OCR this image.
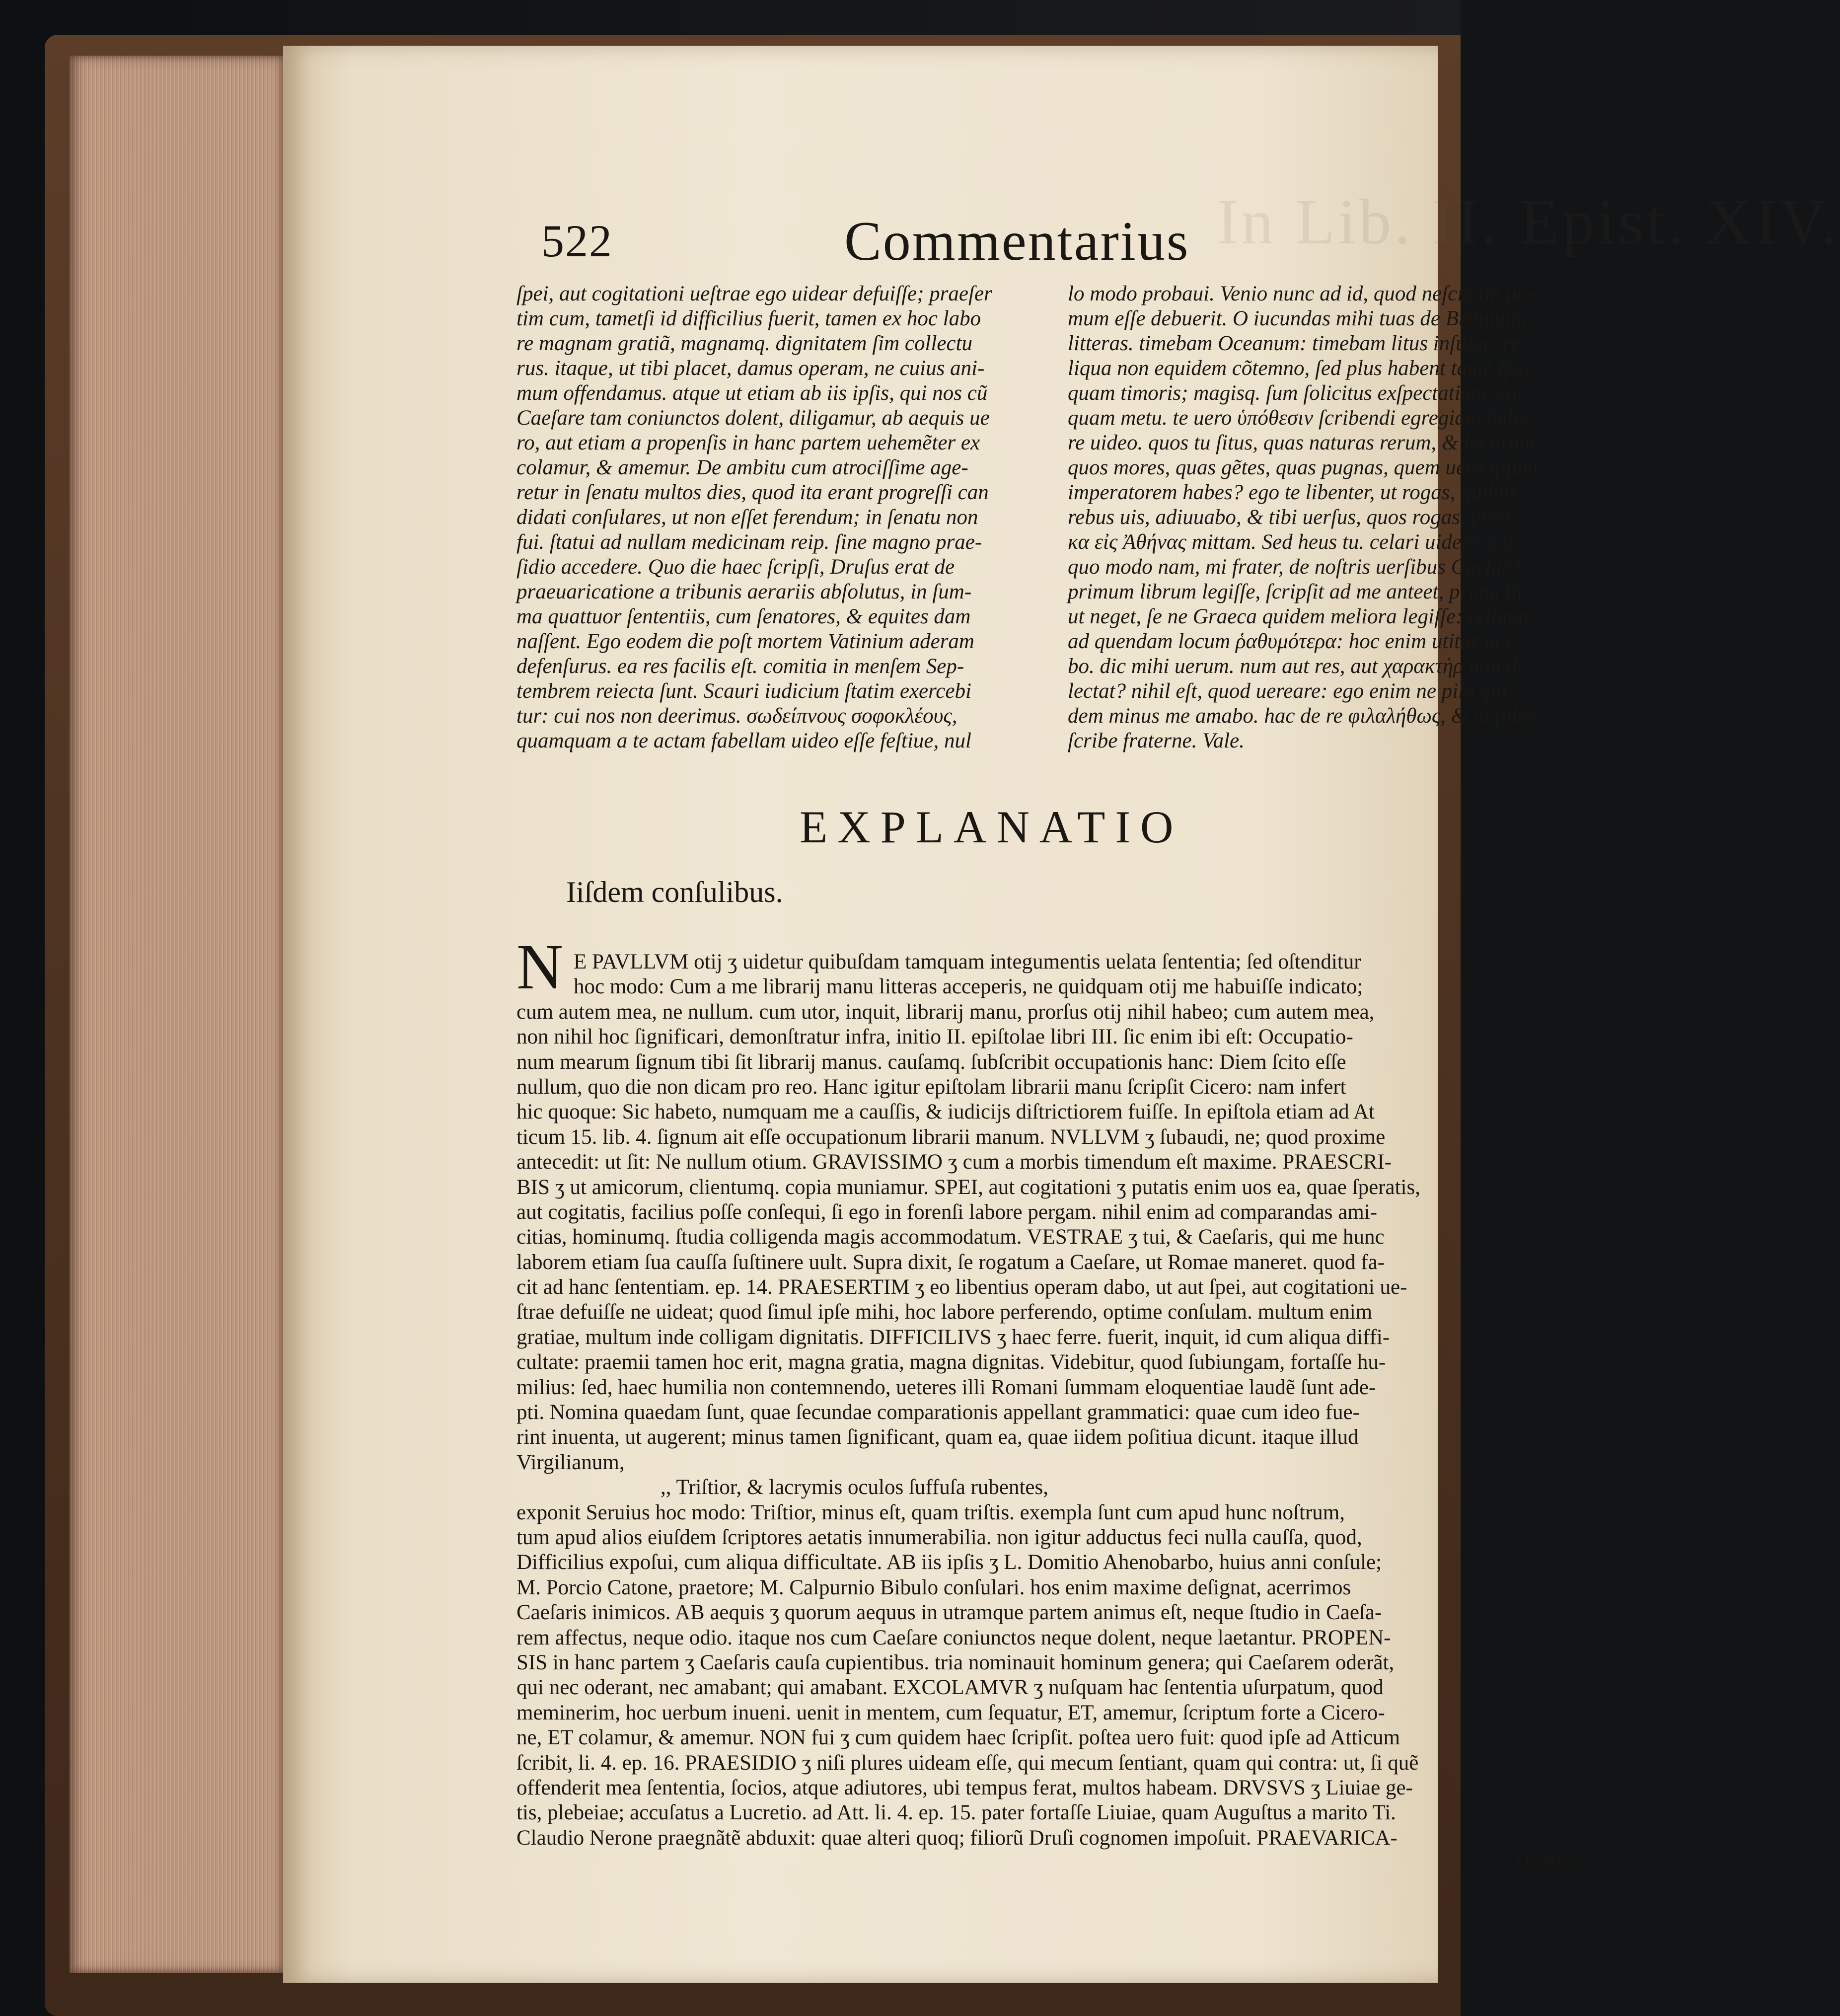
In Lib. II. Epist. XIV.
522	Commentarius
ſpei, aut cogitationi ueſtrae ego uidear defuiſſe; praeſer
tim cum, tametſi id difficilius fuerit, tamen ex hoc labo
re magnam gratiã, magnamq. dignitatem ſim collectu
rus. itaque, ut tibi placet, damus operam, ne cuius ani-
mum offendamus. atque ut etiam ab iis ipſis, qui nos cũ
Caeſare tam coniunctos dolent, diligamur, ab aequis ue
ro, aut etiam a propenſis in hanc partem uehemẽter ex
colamur, & amemur. De ambitu cum atrociſſime age-
retur in ſenatu multos dies, quod ita erant progreſſi can
didati conſulares, ut non eſſet ferendum; in ſenatu non
fui. ſtatui ad nullam medicinam reip. ſine magno prae-
ſidio accedere. Quo die haec ſcripſi, Druſus erat de
praeuaricatione a tribunis aerariis abſolutus, in ſum-
ma quattuor ſententiis, cum ſenatores, & equites dam
naſſent. Ego eodem die poſt mortem Vatinium aderam
defenſurus. ea res facilis eſt. comitia in menſem Sep-
tembrem reiecta ſunt. Scauri iudicium ſtatim exercebi
tur: cui nos non deerimus. σωδείπνους σοφοκλέους,
quamquam a te actam fabellam uideo eſſe feſtiue, nul
lo modo probaui. Venio nunc ad id, quod neſcio an pri-
mum eſſe debuerit. O iucundas mihi tuas de Britannia
litteras. timebam Oceanum: timebam litus inſulae. re
liqua non equidem cõtemno, ſed plus habent tamẽ ſpei,
quam timoris; magisq. ſum ſolicitus exſpectatione ea,
quam metu. te uero ὑπόθεσιν ſcribendi egregiam habe
re uideo. quos tu ſitus, quas naturas rerum, & locorum,
quos mores, quas gẽtes, quas pugnas, quem uero ipſum
imperatorem habes? ego te libenter, ut rogas, quibus
rebus uis, adiuuabo, & tibi uerſus, quos rogas, γλαῦ-
κα εἰς Ἀθήνας mittam. Sed heus tu. celari uideor a te.
quo modo nam, mi frater, de noſtris uerſibus Caeſar?
primum librum legiſſe, ſcripſit ad me anteet, prima ſic,
ut neget, ſe ne Graeca quidem meliora legiſſe: reliqua
ad quendam locum ῥαθυμότερα: hoc enim utitur uer-
bo. dic mihi uerum. num aut res, aut χαρακτὴρ non de
lectat? nihil eſt, quod uereare: ego enim ne pilo qui-
dem minus me amabo. hac de re φιλαλήθως, & ut ſoles,
ſcribe fraterne. Vale.
EXPLANATIO
Iiſdem conſulibus.
N E PAVLLVM otij ʒ uidetur quibuſdam tamquam integumentis uelata ſententia; ſed oſtenditur
hoc modo: Cum a me librarij manu litteras acceperis, ne quidquam otij me habuiſſe indicato;
cum autem mea, ne nullum. cum utor, inquit, librarij manu, prorſus otij nihil habeo; cum autem mea,
non nihil hoc ſignificari, demonſtratur infra, initio II. epiſtolae libri III. ſic enim ibi eſt: Occupatio-
num mearum ſignum tibi ſit librarij manus. cauſamq. ſubſcribit occupationis hanc: Diem ſcito eſſe
nullum, quo die non dicam pro reo. Hanc igitur epiſtolam librarii manu ſcripſit Cicero: nam infert
hic quoque: Sic habeto, numquam me a cauſſis, & iudicijs diſtrictiorem fuiſſe. In epiſtola etiam ad At
ticum 15. lib. 4. ſignum ait eſſe occupationum librarii manum. NVLLVM ʒ ſubaudi, ne; quod proxime
antecedit: ut ſit: Ne nullum otium. GRAVISSIMO ʒ cum a morbis timendum eſt maxime. PRAESCRI-
BIS ʒ ut amicorum, clientumq. copia muniamur. SPEI, aut cogitationi ʒ putatis enim uos ea, quae ſperatis,
aut cogitatis, facilius poſſe conſequi, ſi ego in forenſi labore pergam. nihil enim ad comparandas ami-
citias, hominumq. ſtudia colligenda magis accommodatum. VESTRAE ʒ tui, & Caeſaris, qui me hunc
laborem etiam ſua cauſſa ſuſtinere uult. Supra dixit, ſe rogatum a Caeſare, ut Romae maneret. quod fa-
cit ad hanc ſententiam. ep. 14. PRAESERTIM ʒ eo libentius operam dabo, ut aut ſpei, aut cogitationi ue-
ſtrae defuiſſe ne uideat; quod ſimul ipſe mihi, hoc labore perferendo, optime conſulam. multum enim
gratiae, multum inde colligam dignitatis. DIFFICILIVS ʒ haec ferre. fuerit, inquit, id cum aliqua diffi-
cultate: praemii tamen hoc erit, magna gratia, magna dignitas. Videbitur, quod ſubiungam, fortaſſe hu-
milius: ſed, haec humilia non contemnendo, ueteres illi Romani ſummam eloquentiae laudẽ ſunt ade-
pti. Nomina quaedam ſunt, quae ſecundae comparationis appellant grammatici: quae cum ideo fue-
rint inuenta, ut augerent; minus tamen ſignificant, quam ea, quae iidem poſitiua dicunt. itaque illud
Virgilianum,
,, Triſtior, & lacrymis oculos ſuffuſa rubentes,
exponit Seruius hoc modo: Triſtior, minus eſt, quam triſtis. exempla ſunt cum apud hunc noſtrum,
tum apud alios eiuſdem ſcriptores aetatis innumerabilia. non igitur adductus feci nulla cauſſa, quod,
Difficilius expoſui, cum aliqua difficultate. AB iis ipſis ʒ L. Domitio Ahenobarbo, huius anni conſule;
M. Porcio Catone, praetore; M. Calpurnio Bibulo conſulari. hos enim maxime deſignat, acerrimos
Caeſaris inimicos. AB aequis ʒ quorum aequus in utramque partem animus eſt, neque ſtudio in Caeſa-
rem affectus, neque odio. itaque nos cum Caeſare coniunctos neque dolent, neque laetantur. PROPEN-
SIS in hanc partem ʒ Caeſaris cauſa cupientibus. tria nominauit hominum genera; qui Caeſarem oderãt,
qui nec oderant, nec amabant; qui amabant. EXCOLAMVR ʒ nuſquam hac ſententia uſurpatum, quod
meminerim, hoc uerbum inueni. uenit in mentem, cum ſequatur, ET, amemur, ſcriptum forte a Cicero-
ne, ET colamur, & amemur. NON fui ʒ cum quidem haec ſcripſit. poſtea uero fuit: quod ipſe ad Atticum
ſcribit, li. 4. ep. 16. PRAESIDIO ʒ niſi plures uideam eſſe, qui mecum ſentiant, quam qui contra: ut, ſi quẽ
offenderit mea ſententia, ſocios, atque adiutores, ubi tempus ferat, multos habeam. DRVSVS ʒ Liuiae ge-
tis, plebeiae; accuſatus a Lucretio. ad Att. li. 4. ep. 15. pater fortaſſe Liuiae, quam Auguſtus a marito Ti.
Claudio Nerone praegnãtẽ abduxit: quae alteri quoq; filiorũ Druſi cognomen impoſuit. PRAEVARICA-
TIONE ʒ
